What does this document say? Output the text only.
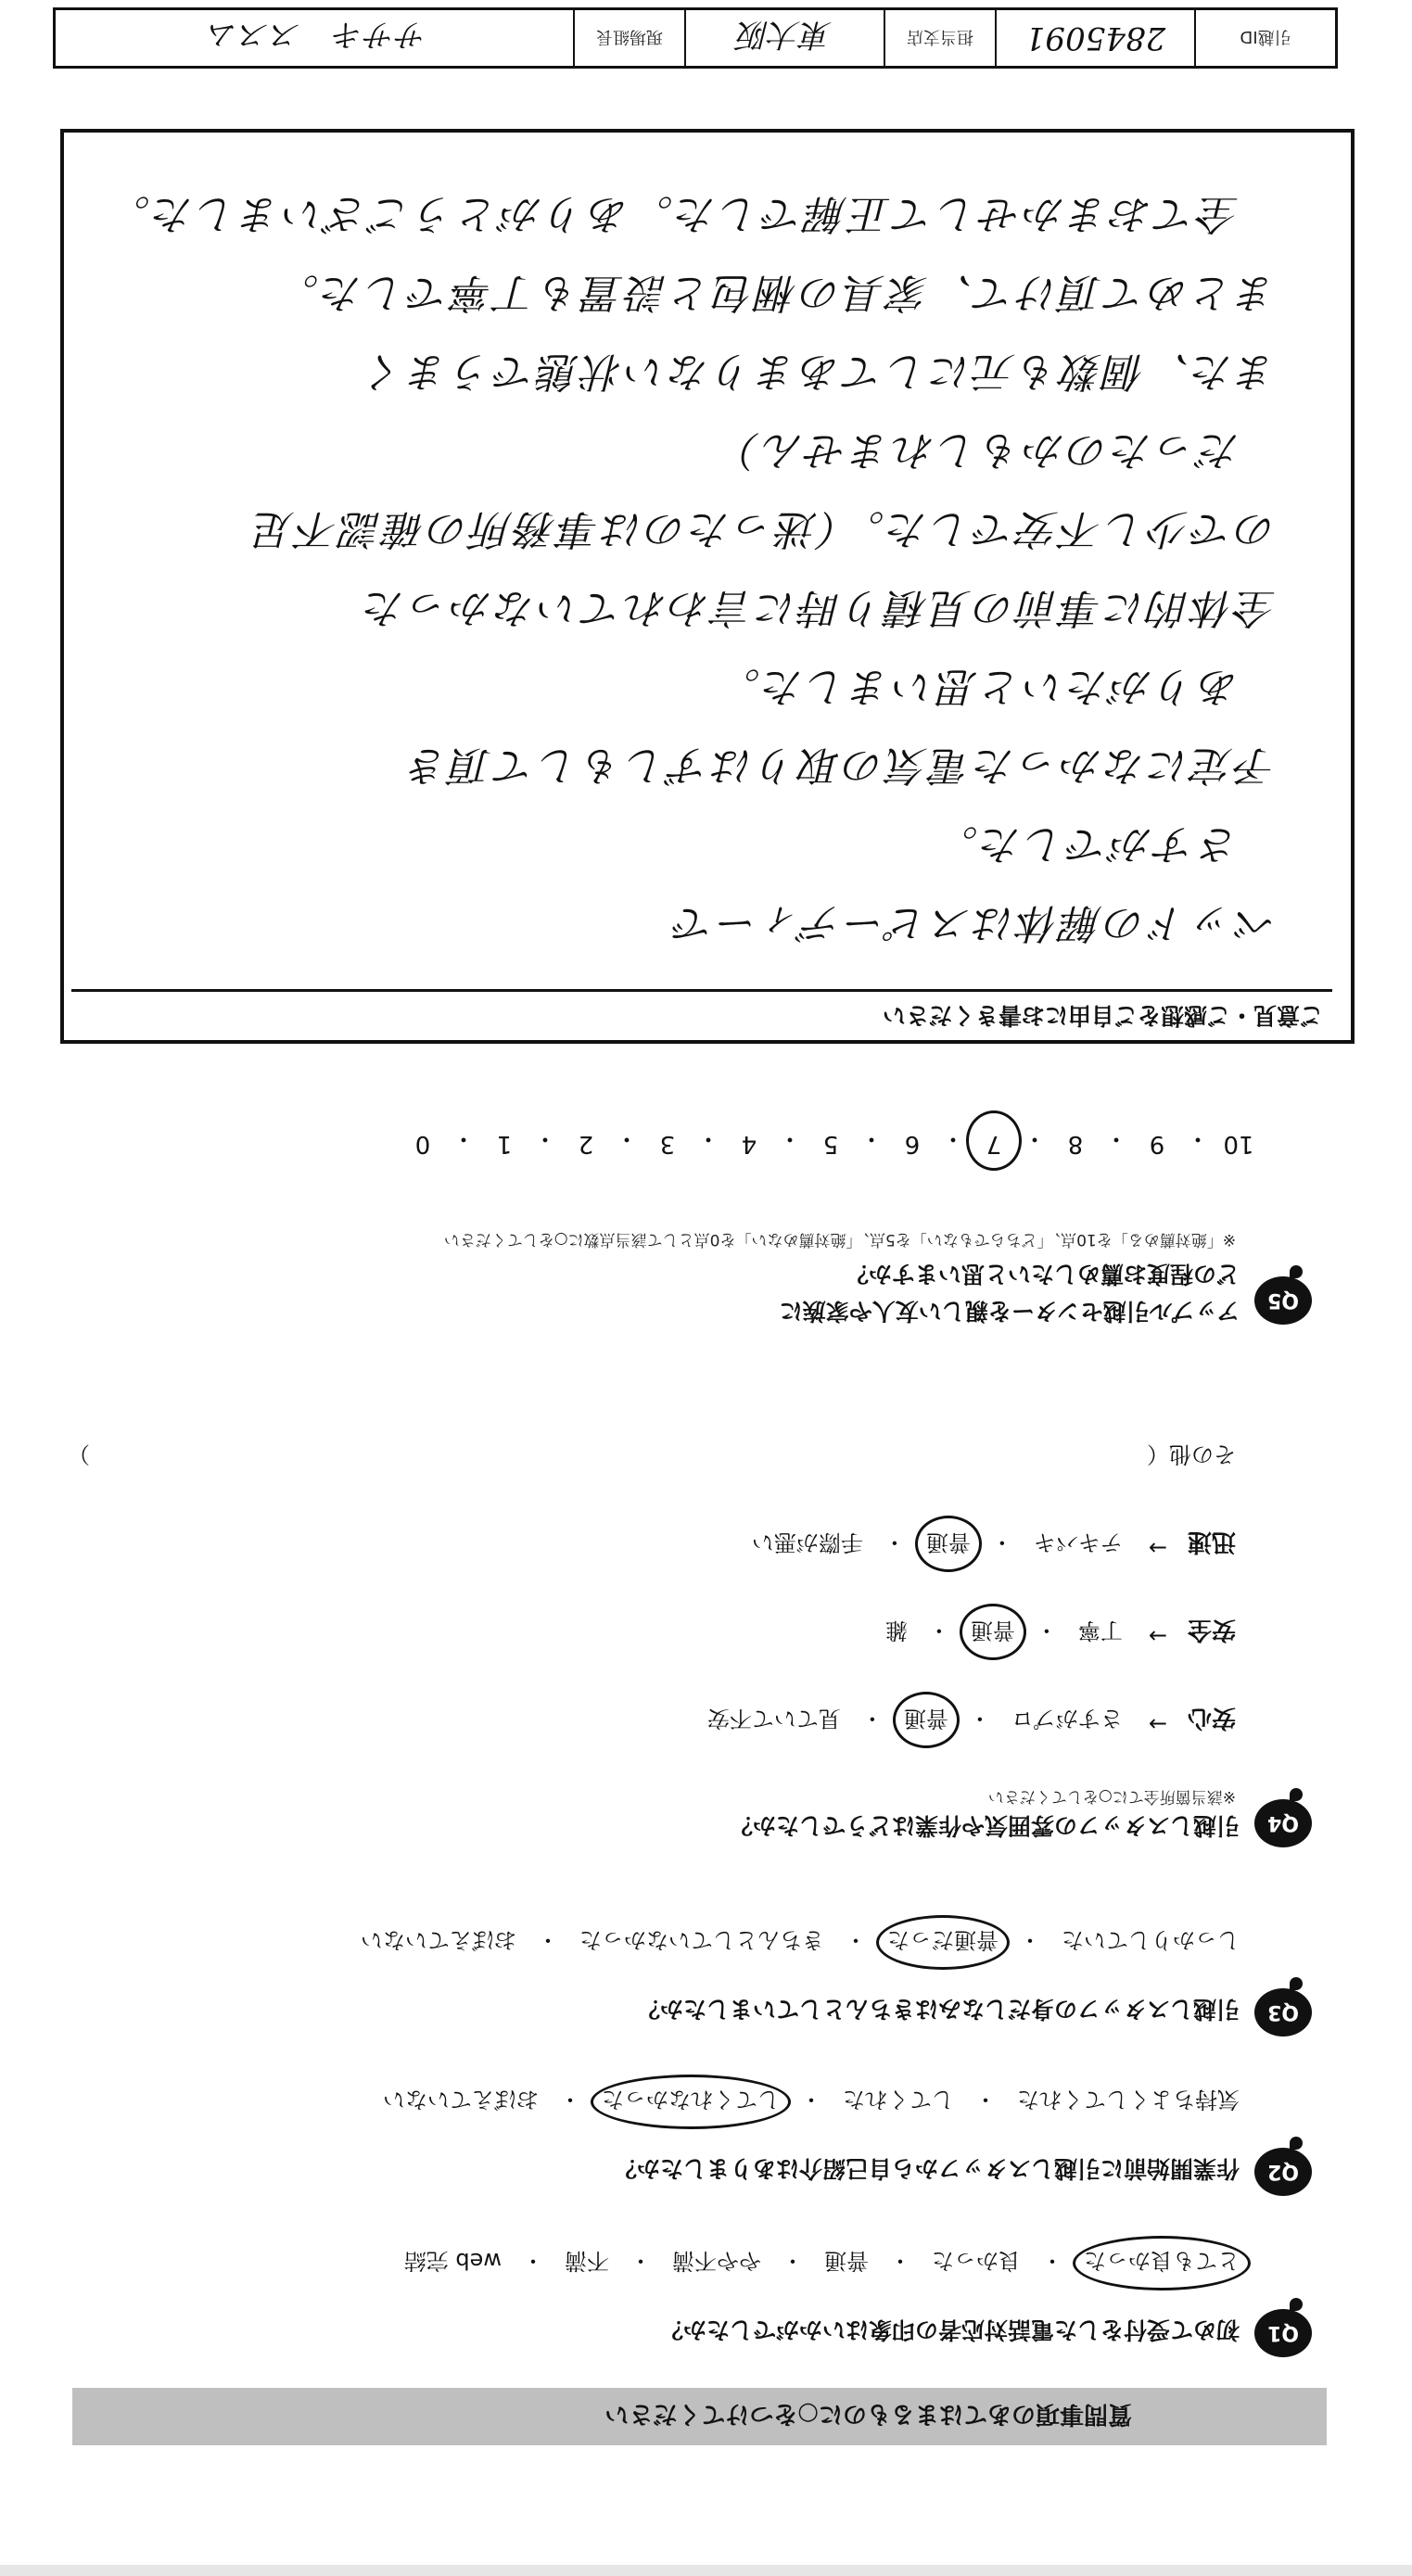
質問事項のあてはまるものに○をつけてください
Q1
初めて受付をした電話対応者の印象はいかがでしたか？
とても良かった
・
良かった
・
普通
・
やや不満
・
不満
・
web 完結
Q2
作業開始前に引越しスタッフから自己紹介はありましたか？
気持ちよくしてくれた
・
してくれた
・
してくれなかった
・
おぼえていない
Q3
引越しスタッフの身だしなみはきちんとしていましたか？
しっかりしていた
・
普通だった
・
きちんとしていなかった
・
おぼえていない
Q4
引越しスタッフの雰囲気や作業はどうでしたか？
※該当箇所全てに○をしてください
安心
→
さすがプロ
・
普通
・
見ていて不安
安全
→
丁寧
・
普通
・
雑
迅速
→
テキパキ
・
普通
・
手際が悪い
その他（
）
Q5
アップル引越センターを親しい友人や家族に
どの程度お薦めしたいと思いますか？
※「絶対薦める」を10点、「どちらでもない」を5点、「絶対薦めない」を0点として該当点数に○をしてください
10
・
9
・
8
・
7
・
6
・
5
・
4
・
3
・
2
・
1
・
0
ご意見・ご感想をご自由にお書きください
ベッドの解体はスピーディーで
さすがでした。
予定になかった電気の取りはずしもして頂き
ありがたいと思いました。
全体的に事前の見積り時に言われていなかった
ので少し不安でした。（迷ったのは事務所の確認不足
だったのかもしれません）
また、個数も元にしてあまりない状態でうまく
まとめて頂けて、家具の梱包と設置も丁寧でした。
全ておまかせして正解でした。ありがとうございました。
引越ID
2845091
担当支店
東大阪
現場組長
ササキ　ススム
